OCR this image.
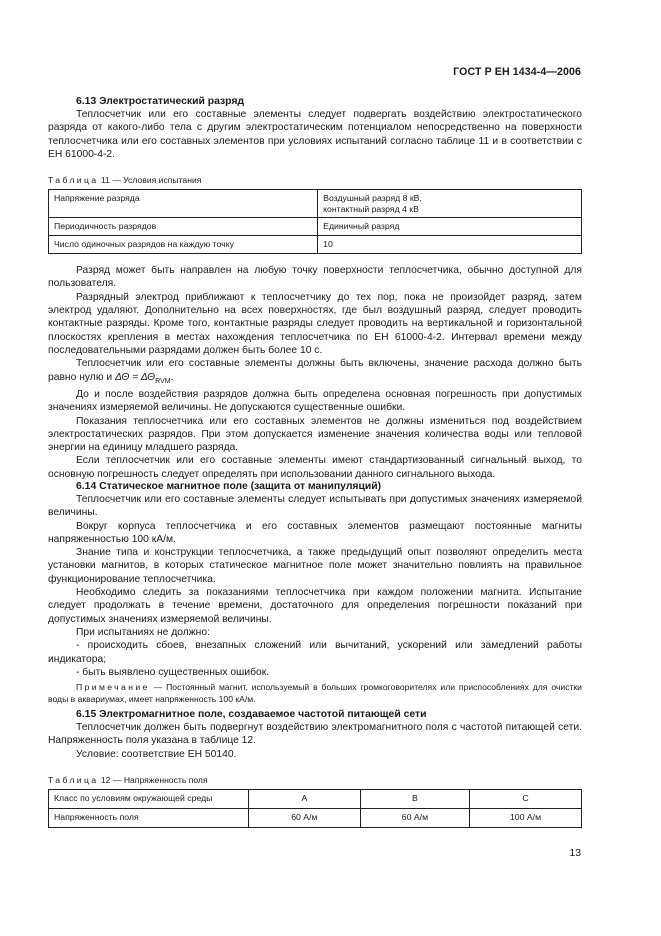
ГОСТ Р ЕН 1434-4—2006
6.13 Электростатический разряд

Теплосчетчик или его составные элементы следует подвергать воздействию электростатического разряда от какого-либо тела с другим электростатическим потенциалом непосредственно на поверхности теплосчетчика или его составных элементов при условиях испытаний согласно таблице 11 и в соответствии с ЕН 61000-4-2.

Таблица 11 — Условия испытания
Напряжение разряда	Воздушный разряд 8 кВ,
контактный разряд 4 кВ
Периодичность разрядов	Единичный разряд
Число одиночных разрядов на каждую точку	10

Разряд может быть направлен на любую точку поверхности теплосчетчика, обычно доступной для пользователя.

Разрядный электрод приближают к теплосчетчику до тех пор, пока не произойдет разряд, затем электрод удаляют. Дополнительно на всех поверхностях, где был воздушный разряд, следует проводить контактные разряды. Кроме того, контактные разряды следует проводить на вертикальной и горизонтальной плоскостях крепления в местах нахождения теплосчетчика по ЕН 61000-4-2. Интервал времени между последовательными разрядами должен быть более 10 с.

Теплосчетчик или его составные элементы должны быть включены, значение расхода должно быть равно нулю и $\Delta\Theta = \Delta\Theta_{RVM}$.

До и после воздействия разрядов должна быть определена основная погрешность при допустимых значениях измеряемой величины. Не допускаются существенные ошибки.

Показания теплосчетчика или его составных элементов не должны измениться под воздействием электростатических разрядов. При этом допускается изменение значения количества воды или тепловой энергии на единицу младшего разряда.

Если теплосчетчик или его составные элементы имеют стандартизованный сигнальный выход, то основную погрешность следует определять при использовании данного сигнального выхода.

6.14 Статическое магнитное поле (защита от манипуляций)

Теплосчетчик или его составные элементы следует испытывать при допустимых значениях измеряемой величины.

Вокруг корпуса теплосчетчика и его составных элементов размещают постоянные магниты напряженностью 100 кА/м.

Знание типа и конструкции теплосчетчика, а также предыдущий опыт позволяют определить места установки магнитов, в которых статическое магнитное поле может значительно повлиять на правильное функционирование теплосчетчика.

Необходимо следить за показаниями теплосчетчика при каждом положении магнита. Испытание следует продолжать в течение времени, достаточного для определения погрешности показаний при допустимых значениях измеряемой величины.

При испытаниях не должно:

- происходить сбоев, внезапных сложений или вычитаний, ускорений или замедлений работы индикатора;

- быть выявлено существенных ошибок.

Примечание — Постоянный магнит, используемый в больших громкоговорителях или приспособлениях для очистки воды в аквариумах, имеет напряженность 100 кА/м.
6.15 Электромагнитное поле, создаваемое частотой питающей сети

Теплосчетчик должен быть подвергнут воздействию электромагнитного поля с частотой питающей сети. Напряженность поля указана в таблице 12.

Условие: соответствие ЕН 50140.

Таблица 12 — Напряженность поля
Класс по условиям окружающей среды	A	B	C
Напряженность поля	60 А/м	60 А/м	100 А/м
13
